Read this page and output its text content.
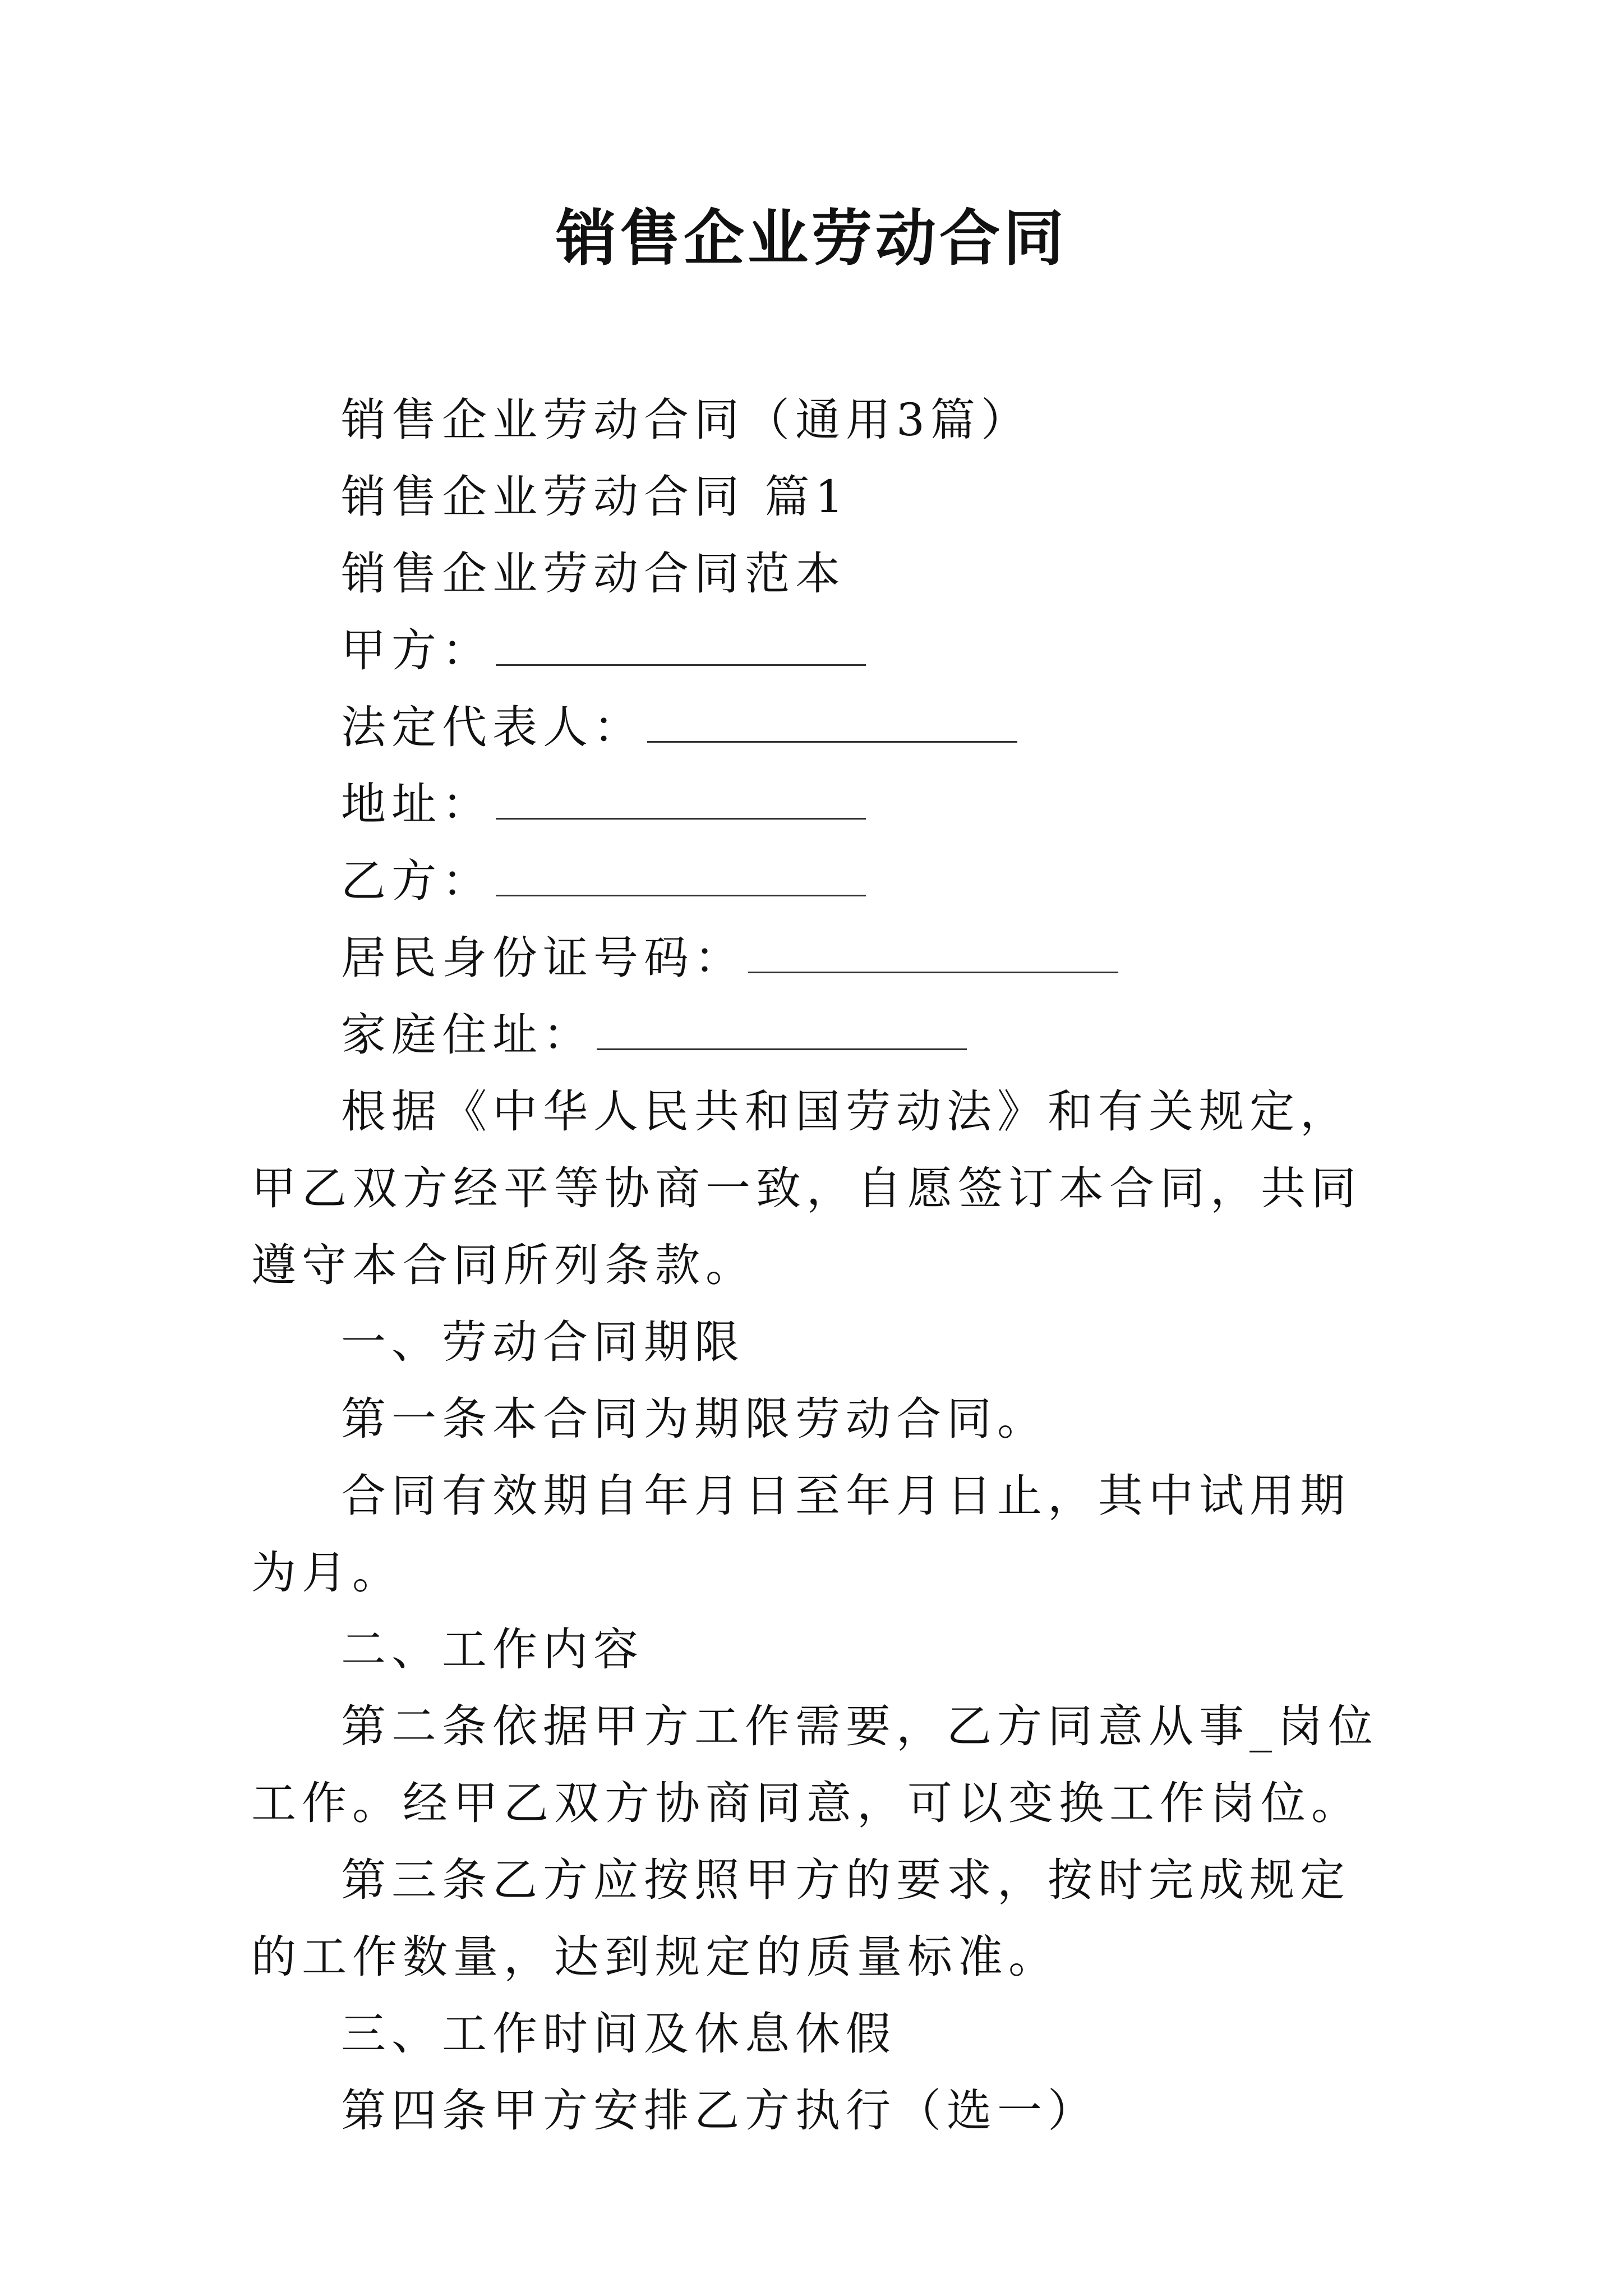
销售企业劳动合同

销售企业劳动合同（通用3篇）

销售企业劳动合同 篇1

销售企业劳动合同范本

甲方：

法定代表人：

地址：

乙方：

居民身份证号码：

家庭住址：

根据《中华人民共和国劳动法》和有关规定，甲乙双方经平等协商一致，自愿签订本合同，共同遵守本合同所列条款。

一、劳动合同期限

第一条本合同为期限劳动合同。

合同有效期自年月日至年月日止，其中试用期为月。

二、工作内容

第二条依据甲方工作需要，乙方同意从事_岗位工作。经甲乙双方协商同意，可以变换工作岗位。

第三条乙方应按照甲方的要求，按时完成规定的工作数量，达到规定的质量标准。

三、工作时间及休息休假

第四条甲方安排乙方执行（选一）
